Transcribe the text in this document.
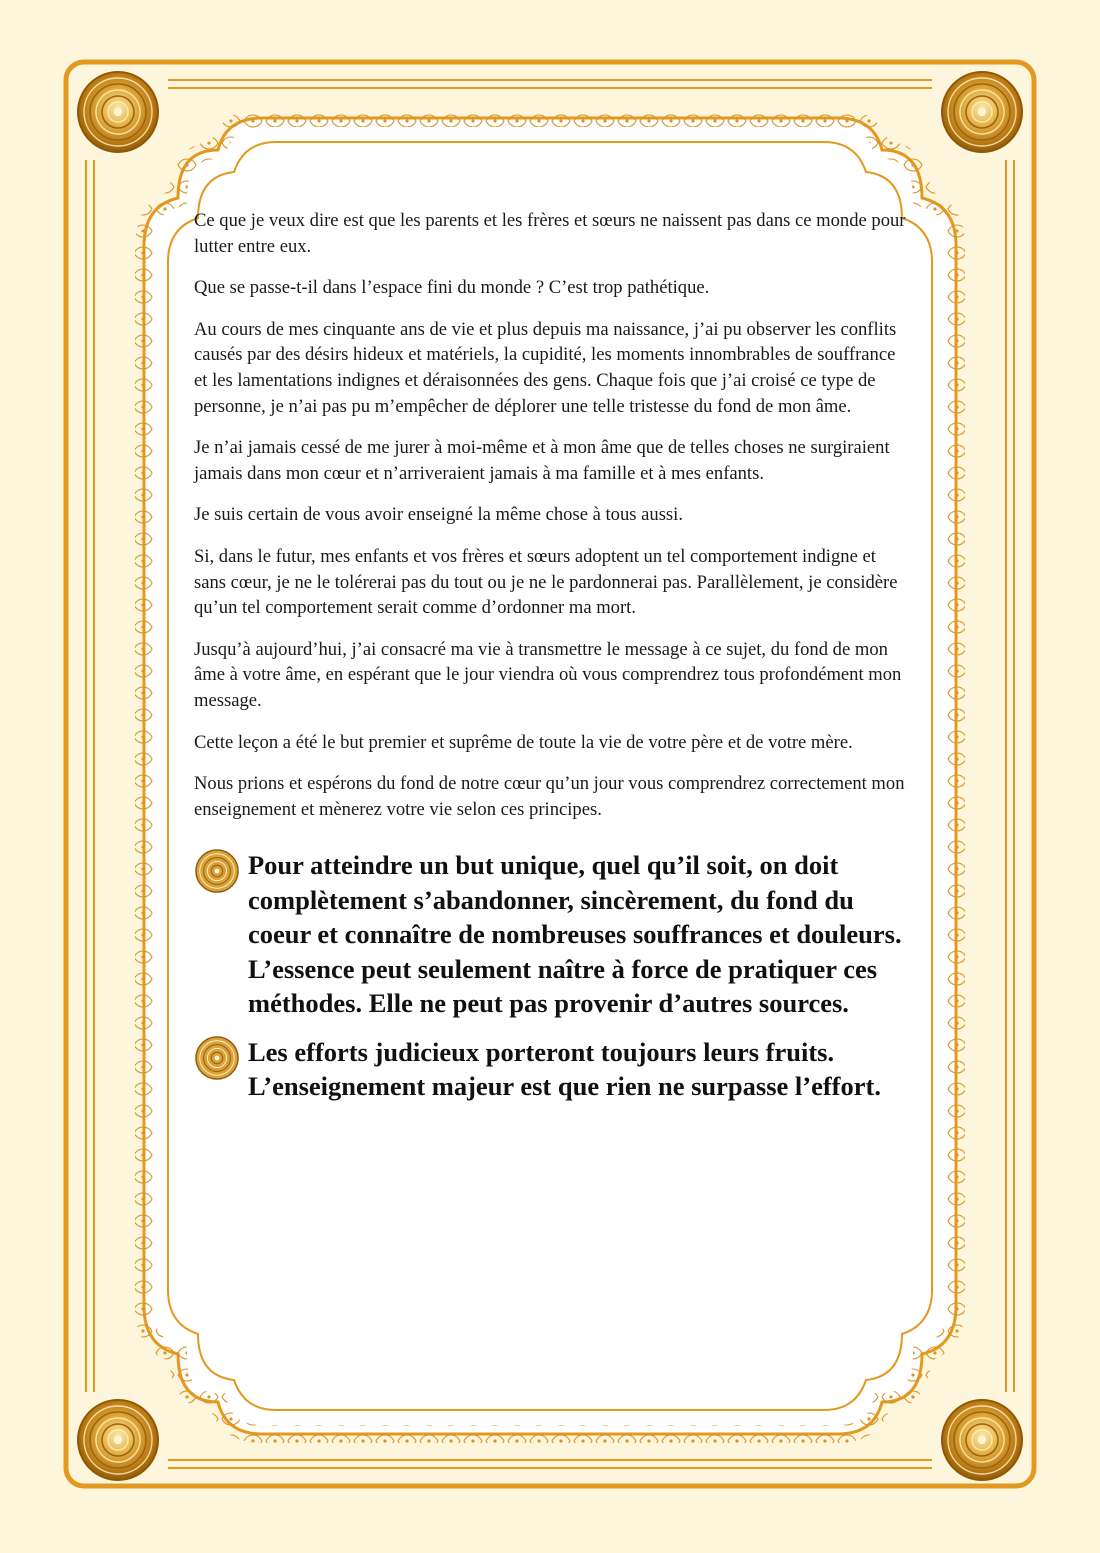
Ce que je veux dire est que les parents et les frères et sœurs ne naissent pas dans ce monde pour lutter entre eux.

Que se passe-t-il dans l’espace fini du monde ? C’est trop pathétique.

Au cours de mes cinquante ans de vie et plus depuis ma naissance, j’ai pu observer les conflits causés par des désirs hideux et matériels, la cupidité, les moments innombrables de souffrance et les lamentations indignes et déraisonnées des gens. Chaque fois que j’ai croisé ce type de personne, je n’ai pas pu m’empêcher de déplorer une telle tristesse du fond de mon âme.

Je n’ai jamais cessé de me jurer à moi-même et à mon âme que de telles choses ne surgiraient jamais dans mon cœur et n’arriveraient jamais à ma famille et à mes enfants.

Je suis certain de vous avoir enseigné la même chose à tous aussi.

Si, dans le futur, mes enfants et vos frères et sœurs adoptent un tel comportement indigne et sans cœur, je ne le tolérerai pas du tout ou je ne le pardonnerai pas. Parallèlement, je considère qu’un tel comportement serait comme d’ordonner ma mort.

Jusqu’à aujourd’hui, j’ai consacré ma vie à transmettre le message à ce sujet, du fond de mon âme à votre âme, en espérant que le jour viendra où vous comprendrez tous profondément mon message.

Cette leçon a été le but premier et suprême de toute la vie de votre père et de votre mère.

Nous prions et espérons du fond de notre cœur qu’un jour vous comprendrez correctement mon enseignement et mènerez votre vie selon ces principes.

Pour atteindre un but unique, quel qu’il soit, on doit complètement s’abandonner, sincèrement, du fond du coeur et connaître de nombreuses souffrances et douleurs.
L’essence peut seulement naître à force de pratiquer ces méthodes. Elle ne peut pas provenir d’autres sources.
Les efforts judicieux porteront toujours leurs fruits.
L’enseignement majeur est que rien ne surpasse l’effort.
